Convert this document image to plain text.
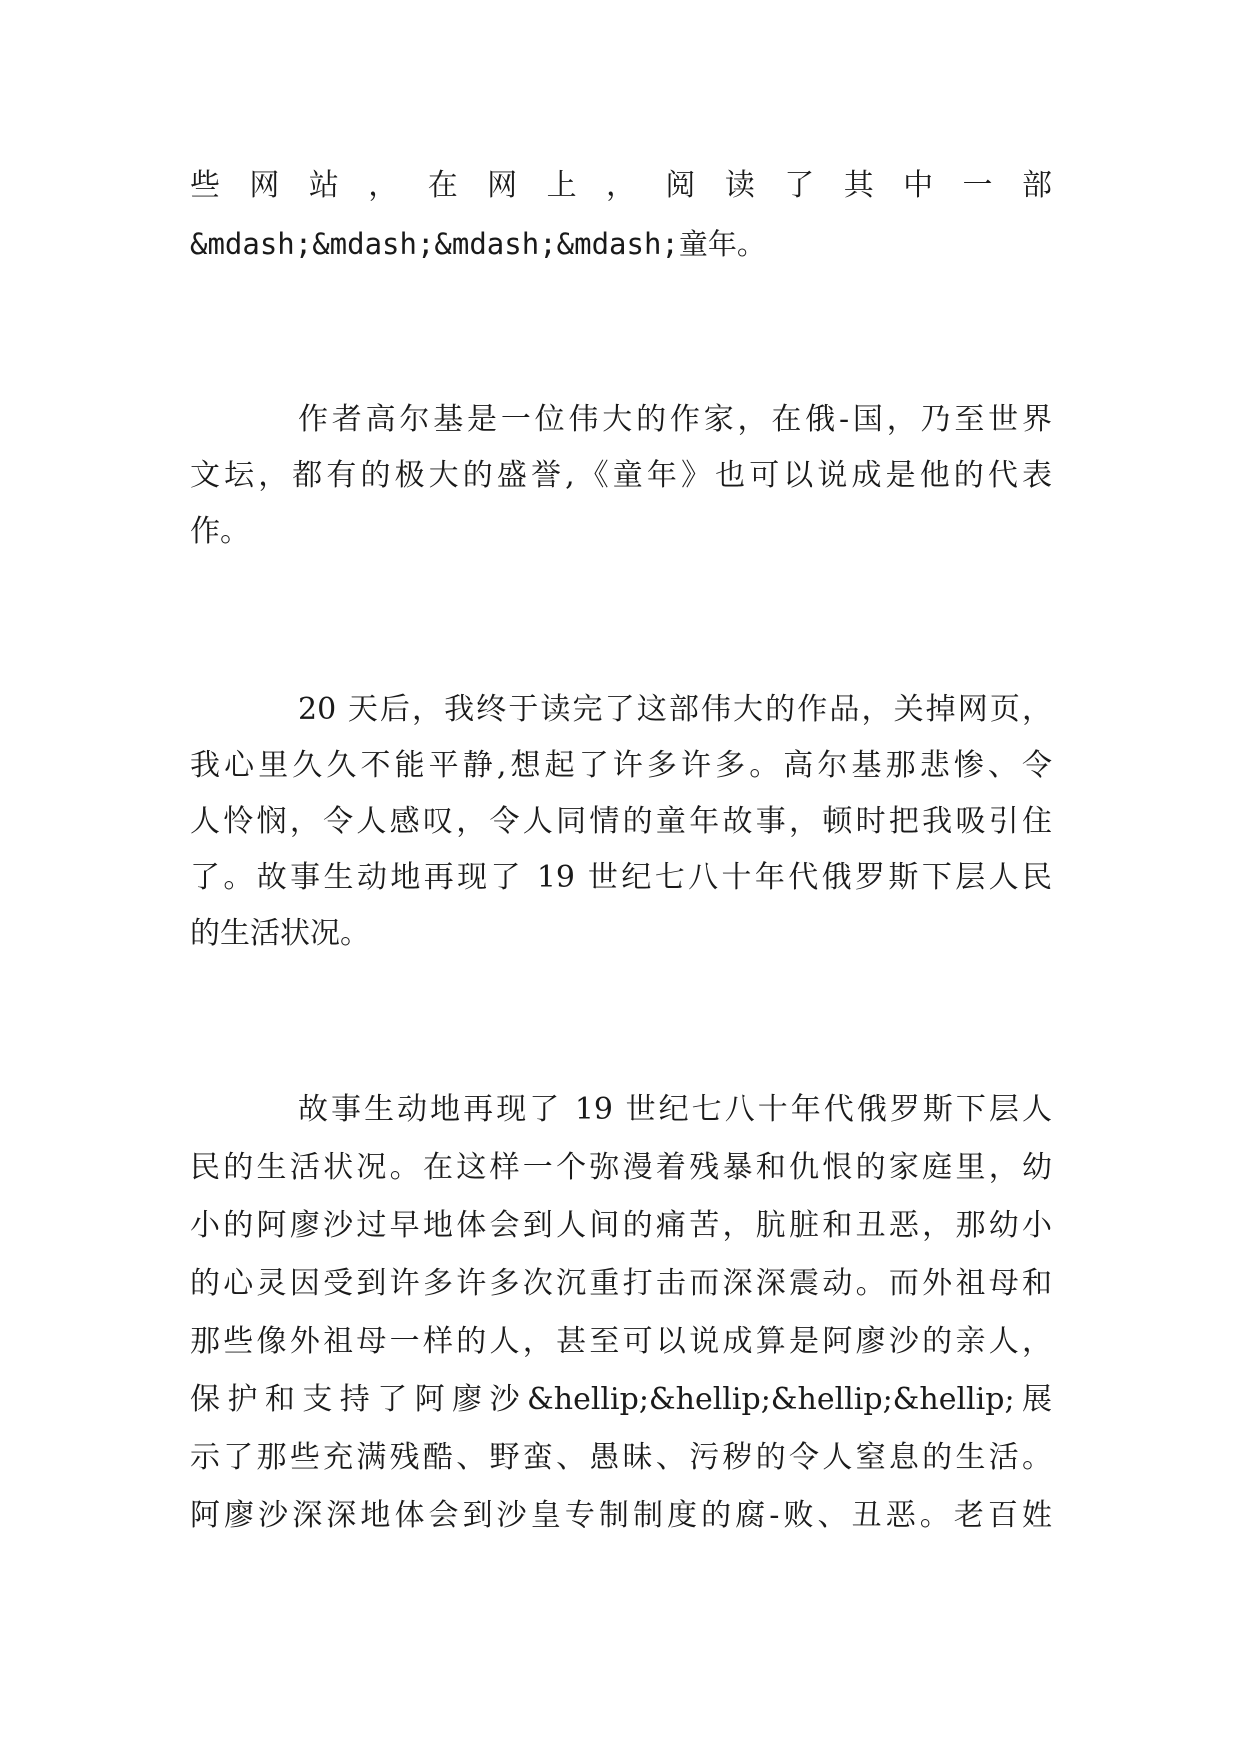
些 网 站 ， 在 网 上 ， 阅 读 了 其 中 一 部
&mdash;&mdash;&mdash;&mdash;童年。
作者高尔基是一位伟大的作家，在俄-国，乃至世界
文坛，都有的极大的盛誉,《童年》也可以说成是他的代表
作。
20 天后，我终于读完了这部伟大的作品，关掉网页，
我心里久久不能平静,想起了许多许多。高尔基那悲惨、令
人怜悯，令人感叹，令人同情的童年故事，顿时把我吸引住
了。故事生动地再现了 19 世纪七八十年代俄罗斯下层人民
的生活状况。
故事生动地再现了 19 世纪七八十年代俄罗斯下层人
民的生活状况。在这样一个弥漫着残暴和仇恨的家庭里，幼
小的阿廖沙过早地体会到人间的痛苦，肮脏和丑恶，那幼小
的心灵因受到许多许多次沉重打击而深深震动。而外祖母和
那些像外祖母一样的人，甚至可以说成算是阿廖沙的亲人，
保护和支持了阿廖沙&hellip;&hellip;&hellip;&hellip;展
示了那些充满残酷、野蛮、愚昧、污秽的令人窒息的生活。
阿廖沙深深地体会到沙皇专制制度的腐-败、丑恶。老百姓
